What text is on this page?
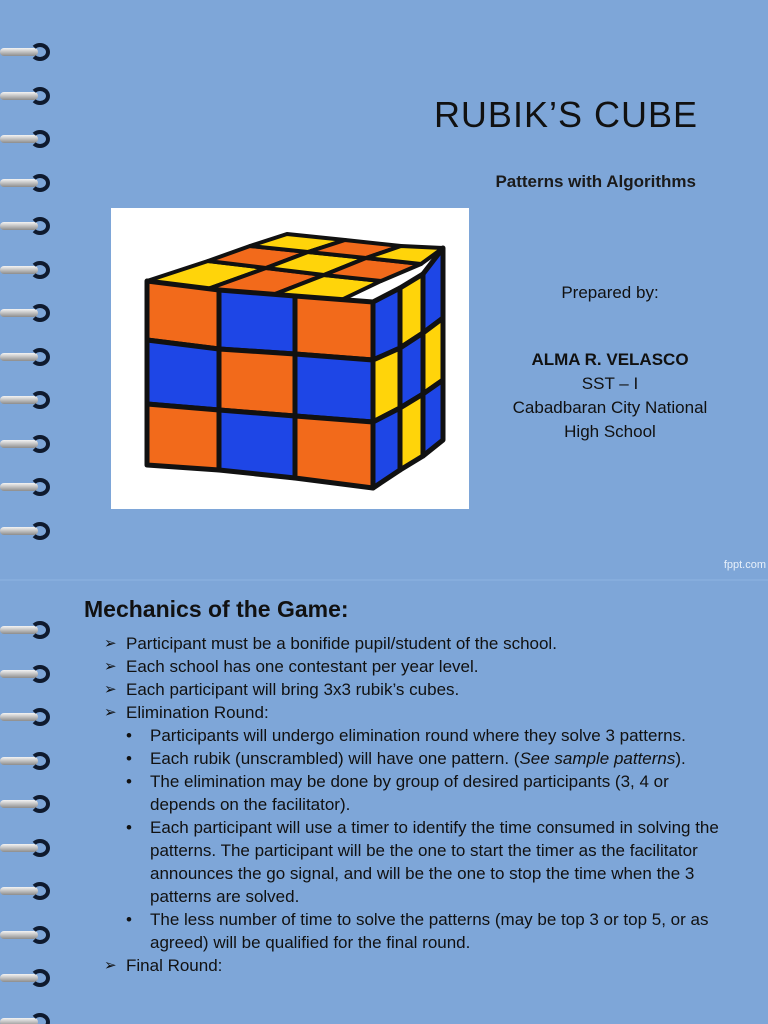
RUBIK’S CUBE
Patterns with Algorithms
Prepared by:
ALMA R. VELASCO
SST – I
Cabadbaran City National
High School
fppt.com
Mechanics of the Game:
➢ Participant must be a bonifide pupil/student of the school.
➢ Each school has one contestant per year level.
➢ Each participant will bring 3x3 rubik’s cubes.
➢ Elimination Round:
• Participants will undergo elimination round where they solve 3 patterns.
• Each rubik (unscrambled) will have one pattern. (See sample patterns).
• The elimination may be done by group of desired participants (3, 4 or depends on the facilitator).
• Each participant will use a timer to identify the time consumed in solving the patterns. The participant will be the one to start the timer as the facilitator announces the go signal, and will be the one to stop the time when the 3 patterns are solved.
• The less number of time to solve the patterns (may be top 3 or top 5, or as agreed) will be qualified for the final round.
➢ Final Round:
